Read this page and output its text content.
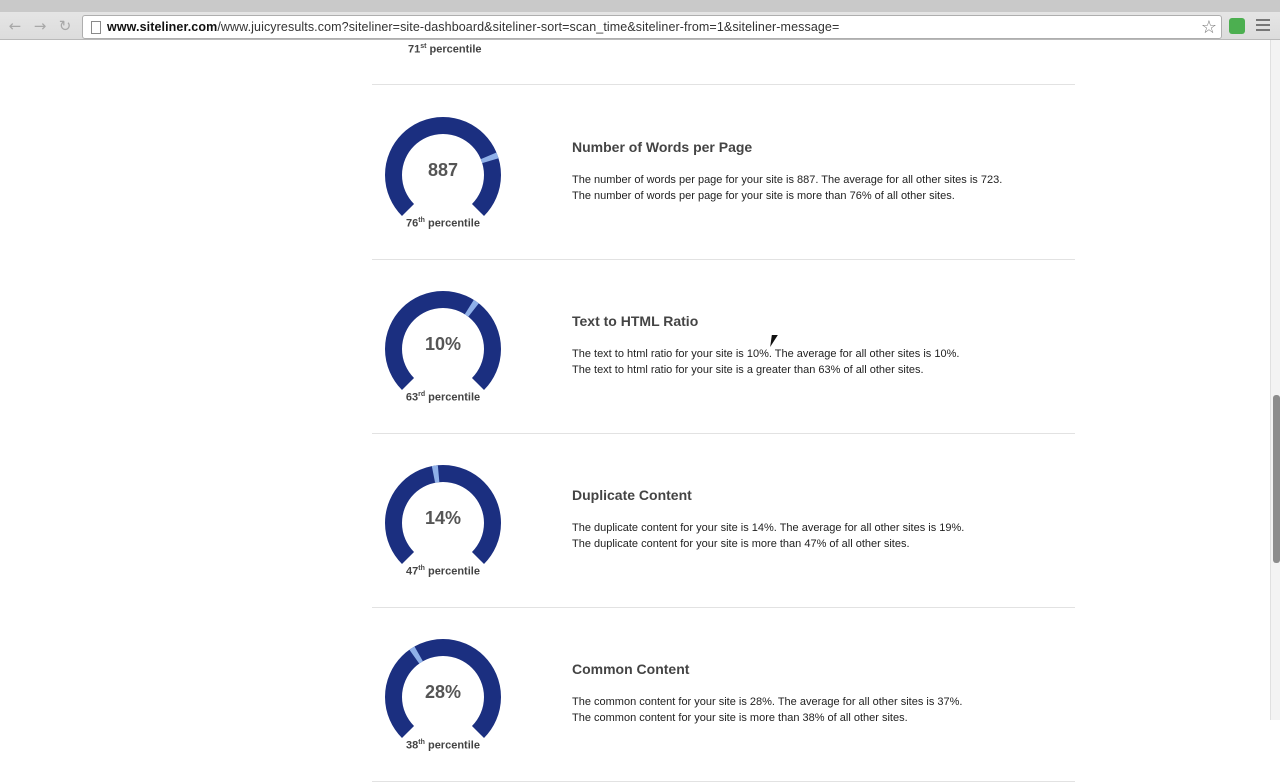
← → ↻	www.siteliner.com/www.juicyresults.com?siteliner=site-dashboard&siteliner-sort=scan_time&siteliner-from=1&siteliner-message=	☆
71st percentile
887
76th percentile
Number of Words per Page
The number of words per page for your site is 887. The average for all other sites is 723.
The number of words per page for your site is more than 76% of all other sites.
10%
63rd percentile
Text to HTML Ratio
The text to html ratio for your site is 10%. The average for all other sites is 10%.
The text to html ratio for your site is a greater than 63% of all other sites.
14%
47th percentile
Duplicate Content
The duplicate content for your site is 14%. The average for all other sites is 19%.
The duplicate content for your site is more than 47% of all other sites.
28%
38th percentile
Common Content
The common content for your site is 28%. The average for all other sites is 37%.
The common content for your site is more than 38% of all other sites.
